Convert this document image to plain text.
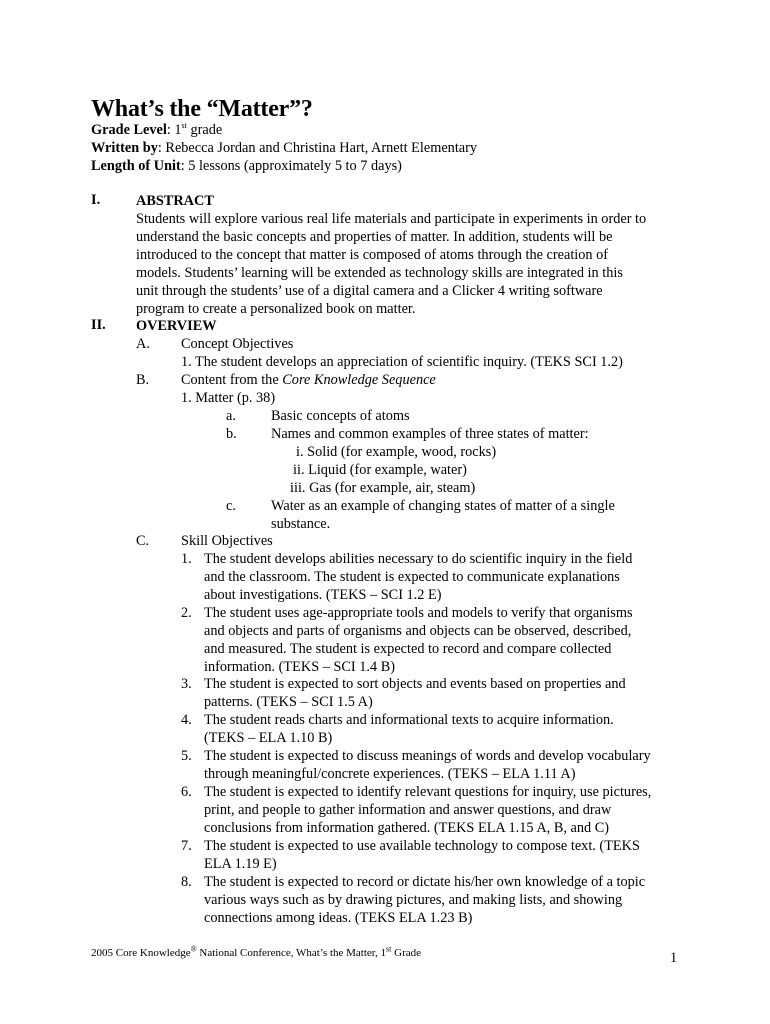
What’s the “Matter”?
Grade Level: 1st grade
Written by: Rebecca Jordan and Christina Hart, Arnett Elementary
Length of Unit: 5 lessons (approximately 5 to 7 days)
I.	ABSTRACT
Students will explore various real life materials and participate in experiments in order to
understand the basic concepts and properties of matter. In addition, students will be
introduced to the concept that matter is composed of atoms through the creation of
models. Students’ learning will be extended as technology skills are integrated in this
unit through the students’ use of a digital camera and a Clicker 4 writing software
program to create a personalized book on matter.
II. OVERVIEW
A. Concept Objectives
1. The student develops an appreciation of scientific inquiry. (TEKS SCI 1.2)
B. Content from the Core Knowledge Sequence
1. Matter (p. 38)
a. Basic concepts of atoms
b. Names and common examples of three states of matter:
i. Solid (for example, wood, rocks)
ii. Liquid (for example, water)
iii. Gas (for example, air, steam)
c. Water as an example of changing states of matter of a single
substance.
C. Skill Objectives
1. The student develops abilities necessary to do scientific inquiry in the field
and the classroom. The student is expected to communicate explanations
about investigations. (TEKS – SCI 1.2 E)
2. The student uses age-appropriate tools and models to verify that organisms
and objects and parts of organisms and objects can be observed, described,
and measured. The student is expected to record and compare collected
information. (TEKS – SCI 1.4 B)
3. The student is expected to sort objects and events based on properties and
patterns. (TEKS – SCI 1.5 A)
4. The student reads charts and informational texts to acquire information.
(TEKS – ELA 1.10 B)
5. The student is expected to discuss meanings of words and develop vocabulary
through meaningful/concrete experiences. (TEKS – ELA 1.11 A)
6. The student is expected to identify relevant questions for inquiry, use pictures,
print, and people to gather information and answer questions, and draw
conclusions from information gathered. (TEKS ELA 1.15 A, B, and C)
7. The student is expected to use available technology to compose text. (TEKS
ELA 1.19 E)
8. The student is expected to record or dictate his/her own knowledge of a topic
various ways such as by drawing pictures, and making lists, and showing
connections among ideas. (TEKS ELA 1.23 B)
2005 Core Knowledge® National Conference, What’s the Matter, 1st Grade	1
